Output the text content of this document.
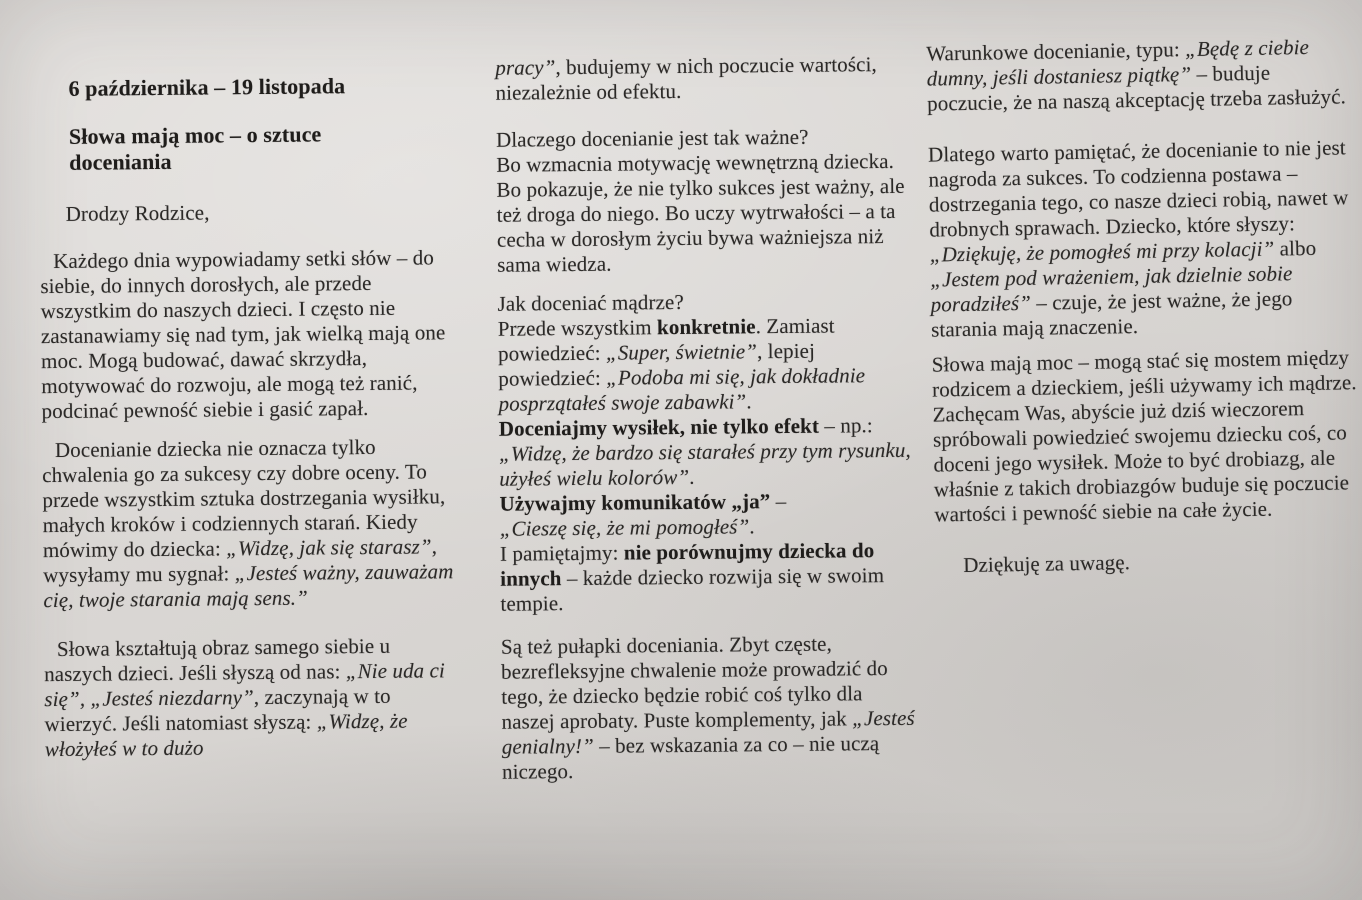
6 października – 19 listopada

Słowa mają moc – o sztuce
doceniania

Drodzy Rodzice,

Każdego dnia wypowiadamy setki słów – do siebie, do innych dorosłych, ale przede wszystkim do naszych dzieci. I często nie zastanawiamy się nad tym, jak wielką mają one moc. Mogą budować, dawać skrzydła, motywować do rozwoju, ale mogą też ranić, podcinać pewność siebie i gasić zapał.

Docenianie dziecka nie oznacza tylko chwalenia go za sukcesy czy dobre oceny. To przede wszystkim sztuka dostrzegania wysiłku, małych kroków i codziennych starań. Kiedy mówimy do dziecka: „Widzę, jak się starasz”, wysyłamy mu sygnał: „Jesteś ważny, zauważam cię, twoje starania mają sens.”

Słowa kształtują obraz samego siebie u naszych dzieci. Jeśli słyszą od nas: „Nie uda ci się”, „Jesteś niezdarny”, zaczynają w to wierzyć. Jeśli natomiast słyszą: „Widzę, że włożyłeś w to dużo

pracy”, budujemy w nich poczucie wartości, niezależnie od efektu.

Dlaczego docenianie jest tak ważne?
Bo wzmacnia motywację wewnętrzną dziecka. Bo pokazuje, że nie tylko sukces jest ważny, ale też droga do niego. Bo uczy wytrwałości – a ta cecha w dorosłym życiu bywa ważniejsza niż sama wiedza.

Jak doceniać mądrze?
Przede wszystkim konkretnie. Zamiast powiedzieć: „Super, świetnie”, lepiej powiedzieć: „Podoba mi się, jak dokładnie posprzątałeś swoje zabawki”.
Doceniajmy wysiłek, nie tylko efekt – np.: „Widzę, że bardzo się starałeś przy tym rysunku, użyłeś wielu kolorów”.
Używajmy komunikatów „ja” –
„Cieszę się, że mi pomogłeś”.
I pamiętajmy: nie porównujmy dziecka do innych – każde dziecko rozwija się w swoim tempie.

Są też pułapki doceniania. Zbyt częste, bezrefleksyjne chwalenie może prowadzić do tego, że dziecko będzie robić coś tylko dla naszej aprobaty. Puste komplementy, jak „Jesteś genialny!” – bez wskazania za co – nie uczą niczego.

Warunkowe docenianie, typu: „Będę z ciebie dumny, jeśli dostaniesz piątkę” – buduje poczucie, że na naszą akceptację trzeba zasłużyć.

Dlatego warto pamiętać, że docenianie to nie jest nagroda za sukces. To codzienna postawa – dostrzegania tego, co nasze dzieci robią, nawet w drobnych sprawach. Dziecko, które słyszy: „Dziękuję, że pomogłeś mi przy kolacji” albo „Jestem pod wrażeniem, jak dzielnie sobie poradziłeś” – czuje, że jest ważne, że jego starania mają znaczenie.

Słowa mają moc – mogą stać się mostem między rodzicem a dzieckiem, jeśli używamy ich mądrze. Zachęcam Was, abyście już dziś wieczorem spróbowali powiedzieć swojemu dziecku coś, co doceni jego wysiłek. Może to być drobiazg, ale właśnie z takich drobiazgów buduje się poczucie wartości i pewność siebie na całe życie.

Dziękuję za uwagę.
